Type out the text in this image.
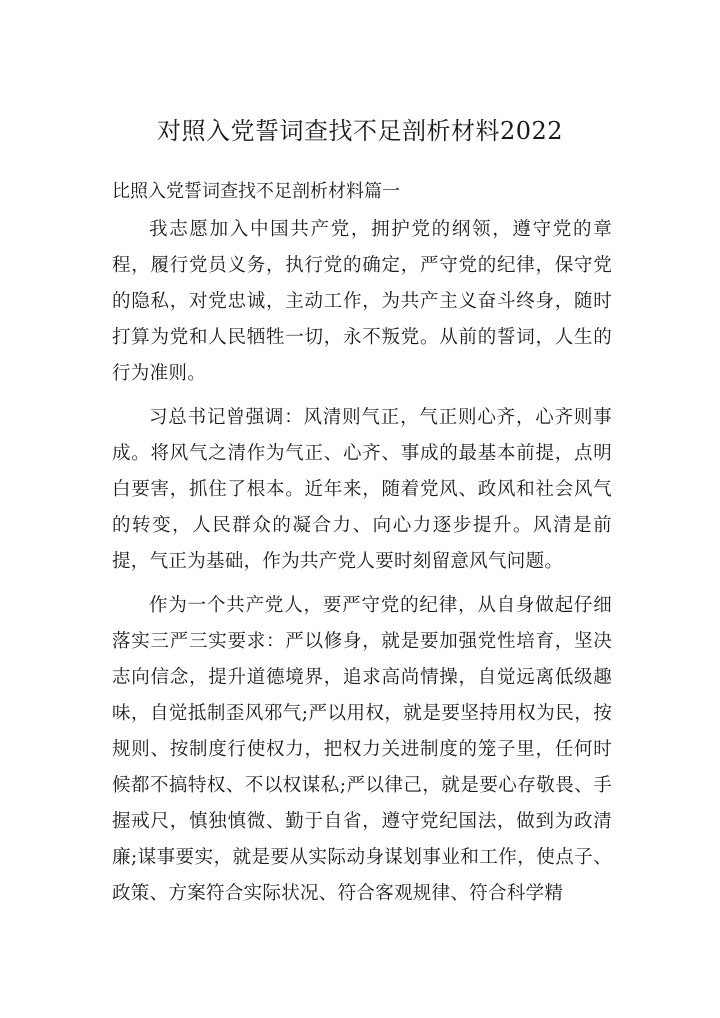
对照入党誓词查找不足剖析材料2022

比照入党誓词查找不足剖析材料篇一

我志愿加入中国共产党，拥护党的纲领，遵守党的章程，履行党员义务，执行党的确定，严守党的纪律，保守党的隐私，对党忠诚，主动工作，为共产主义奋斗终身，随时打算为党和人民牺牲一切，永不叛党。从前的誓词，人生的行为准则。

习总书记曾强调：风清则气正，气正则心齐，心齐则事成。将风气之清作为气正、心齐、事成的最基本前提，点明白要害，抓住了根本。近年来，随着党风、政风和社会风气的转变，人民群众的凝合力、向心力逐步提升。风清是前提，气正为基础，作为共产党人要时刻留意风气问题。

作为一个共产党人，要严守党的纪律，从自身做起仔细落实三严三实要求：严以修身，就是要加强党性培育，坚决志向信念，提升道德境界，追求高尚情操，自觉远离低级趣味，自觉抵制歪风邪气;严以用权，就是要坚持用权为民，按规则、按制度行使权力，把权力关进制度的笼子里，任何时候都不搞特权、不以权谋私;严以律己，就是要心存敬畏、手握戒尺，慎独慎微、勤于自省，遵守党纪国法，做到为政清廉;谋事要实，就是要从实际动身谋划事业和工作，使点子、政策、方案符合实际状况、符合客观规律、符合科学精
